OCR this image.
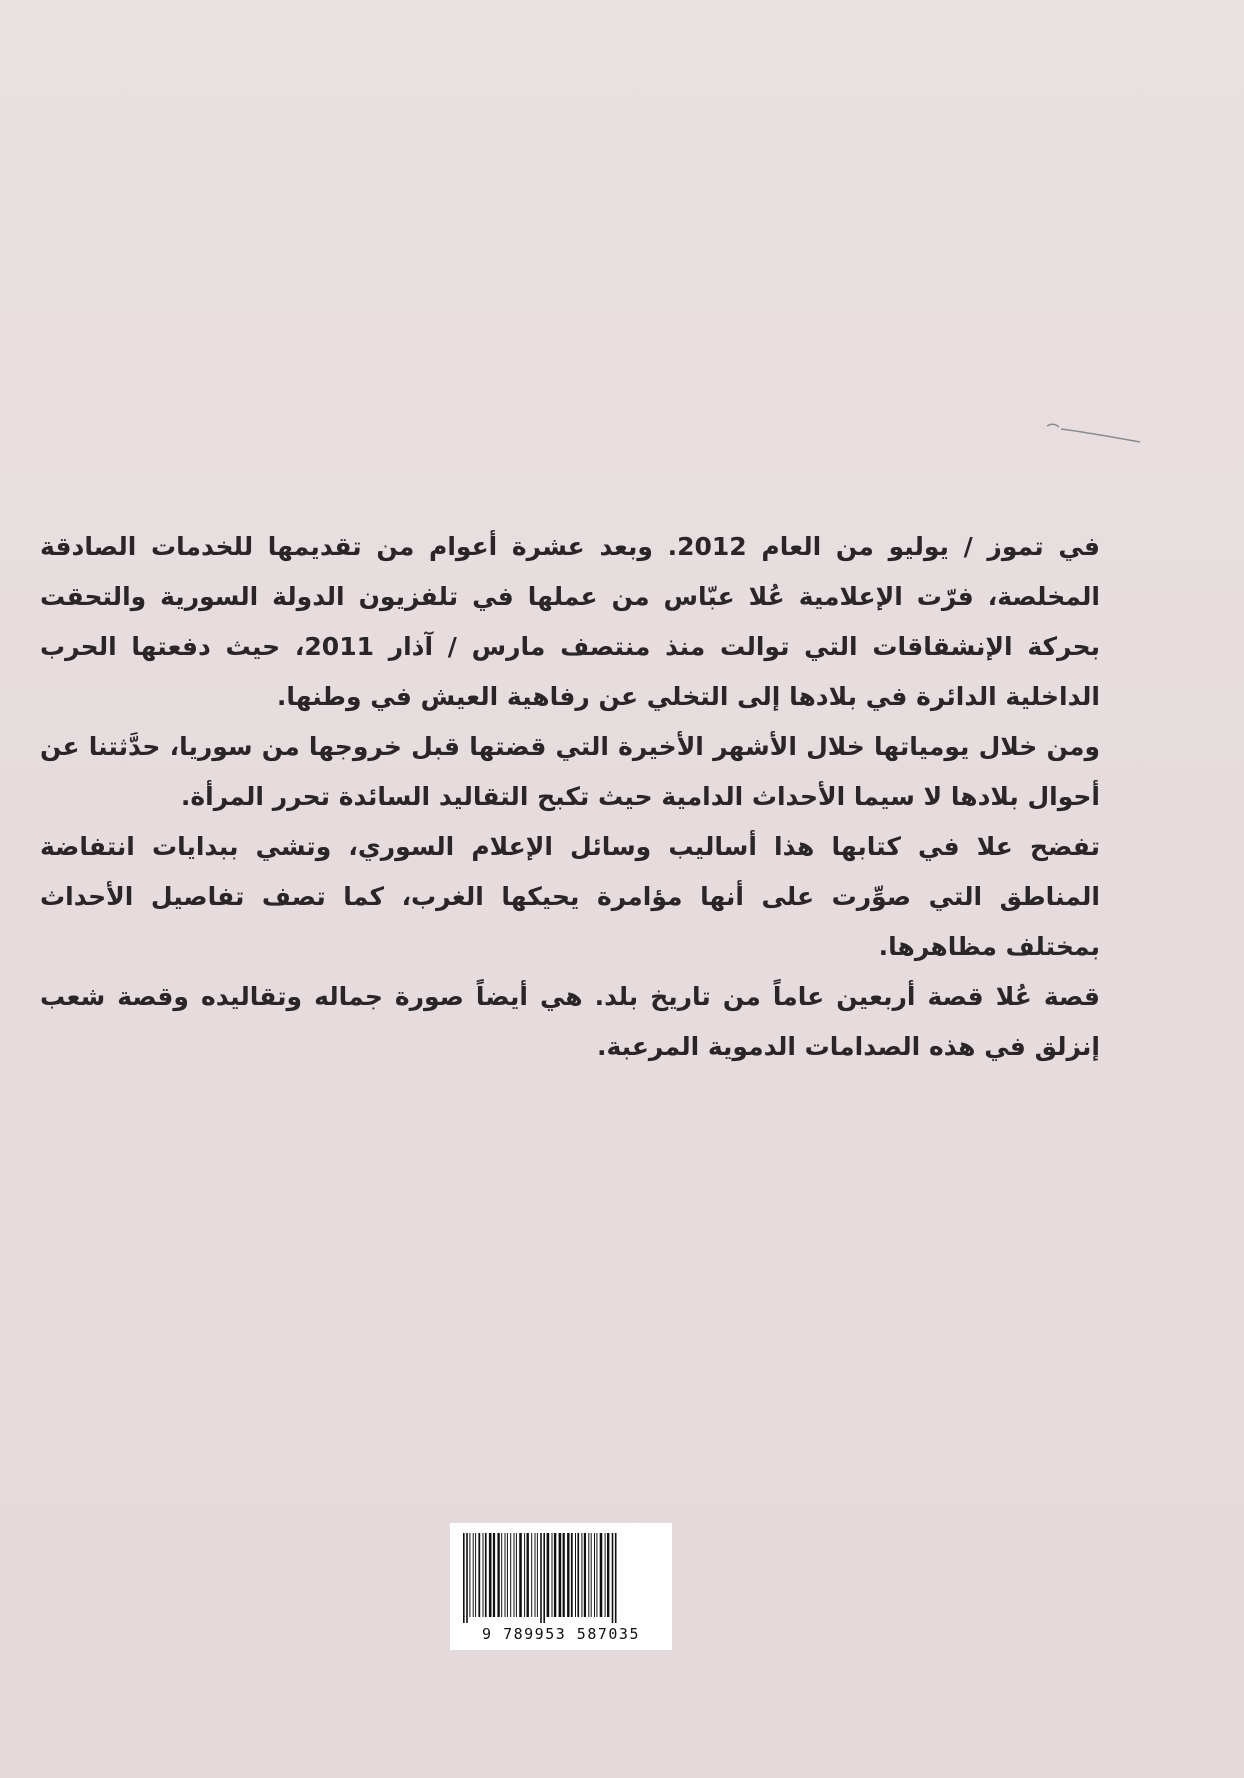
في تموز / يوليو من العام 2012. وبعد عشرة أعوام من تقديمها للخدمات الصادقة المخلصة، فرّت الإعلامية عُلا عبّاس من عملها في تلفزيون الدولة السورية والتحقت بحركة الإنشقاقات التي توالت منذ منتصف مارس / آذار 2011، حيث دفعتها الحرب الداخلية الدائرة في بلادها إلى التخلي عن رفاهية العيش في وطنها.

ومن خلال يومياتها خلال الأشهر الأخيرة التي قضتها قبل خروجها من سوريا، حدَّثتنا عن أحوال بلادها لا سيما الأحداث الدامية حيث تكبح التقاليد السائدة تحرر المرأة.

تفضح علا في كتابها هذا أساليب وسائل الإعلام السوري، وتشي ببدايات انتفاضة المناطق التي صوِّرت على أنها مؤامرة يحيكها الغرب، كما تصف تفاصيل الأحداث بمختلف مظاهرها.

قصة عُلا قصة أربعين عاماً من تاريخ بلد. هي أيضاً صورة جماله وتقاليده وقصة شعب إنزلق في هذه الصدامات الدموية المرعبة.

9 789953 587035
